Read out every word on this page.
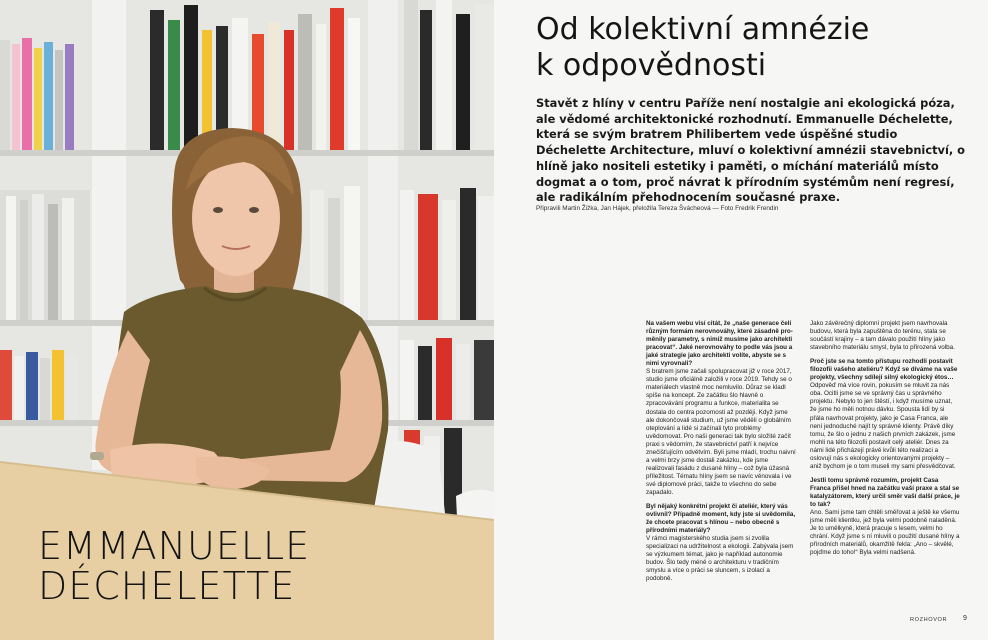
EMMANUELLE
DÉCHELETTE
Od kolektivní amnézie
k odpovědnosti

Stavět z hlíny v centru Paříže není nostalgie ani ekologická póza, ale vědomé architektonické rozhodnutí. Emmanuelle Déchelette, která se svým bratrem Philibertem vede úspěšné studio Déchelette Architecture, mluví o kolektivní amnézii stavebnictví, o hlíně jako nositeli estetiky i paměti, o míchání materiálů místo dogmat a o tom, proč návrat k přírodním systémům není regresí, ale radikálním přehodnocením současné praxe.

Připravili Martin Žižka, Jan Hájek, přeložila Tereza Švácheová — Foto Fredrik Frendin

Na vašem webu visí citát, že „naše generace čelí různým formám nerovnováhy, které zásadně pro-měnily parametry, s nimiž musíme jako architekti pracovat“. Jaké nerovnováhy to podle vás jsou a jaké strategie jako architekti volíte, abyste se s nimi vyrovnali?

S bratrem jsme začali spolupracovat již v roce 2017, studio jsme oficiálně založili v roce 2019. Tehdy se o materiálech vlastně moc nemluvilo. Důraz se kladl spíše na koncept. Ze začátku šlo hlavně o zpracovávání programu a funkce, materialita se dostala do centra pozornosti až později. Když jsme ale dokončovali studium, už jsme věděli o globálním oteplování a lidé si začínali tyto problémy uvědomovat. Pro naši generaci tak bylo složité začít praxi s vědomím, že stavebnictví patří k nejvíce znečišťujícím odvětvím. Byli jsme mladí, trochu naivní a velmi brzy jsme dostali zakázku, kde jsme realizovali fasádu z dusané hlíny – což byla úžasná příležitost. Tématu hlíny jsem se navíc věnovala i ve své diplomové práci, takže to všechno do sebe zapadalo.

Byl nějaký konkrétní projekt či ateliér, který vás ovlivnil? Případně moment, kdy jste si uvědomila, že chcete pracovat s hlínou – nebo obecně s přírodními materiály?

V rámci magisterského studia jsem si zvolila specializaci na udržitelnost a ekologii. Zabývala jsem se výzkumem témat, jako je například autonomie budov. Šlo tedy méně o architekturu v tradičním smyslu a více o práci se sluncem, s izolací a podobně.

Jako závěrečný diplomní projekt jsem navrhovala budovu, která byla zapuštěna do terénu, stala se součástí krajiny – a tam dávalo použití hlíny jako stavebního materiálu smysl, byla to přirozená volba.

Proč jste se na tomto přístupu rozhodli postavit filozofii vašeho ateliéru? Když se díváme na vaše projekty, všechny sdílejí silný ekologický étos…

Odpověď má více rovin, pokusím se mluvit za nás oba. Ocitli jsme se ve správný čas u správného projektu. Nebylo to jen štěstí, i když musíme uznat, že jsme ho měli notnou dávku. Spousta lidí by si přála navrhovat projekty, jako je Casa Franca, ale není jednoduché najít ty správné klienty. Právě díky tomu, že šlo o jednu z našich prvních zakázek, jsme mohli na této filozofii postavit celý ateliér. Dnes za námi lidé přicházejí právě kvůli této realizaci a oslovují nás s ekologicky orientovanými projekty – aniž bychom je o tom museli my sami přesvědčovat.

Jestli tomu správně rozumím, projekt Casa Franca přišel hned na začátku vaší praxe a stal se katalyzátorem, který určil směr vaší další práce, je to tak?

Ano. Sami jsme tam chtěli směřovat a ještě ke všemu jsme měli klientku, jež byla velmi podobně naladěná. Je to umělkyně, která pracuje s lesem, velmi ho chrání. Když jsme s ní mluvili o použití dusané hlíny a přírodních materiálů, okamžitě řekla: „Ano – skvělé, pojďme do toho!“ Byla velmi nadšená.

ROZHOVOR 9
